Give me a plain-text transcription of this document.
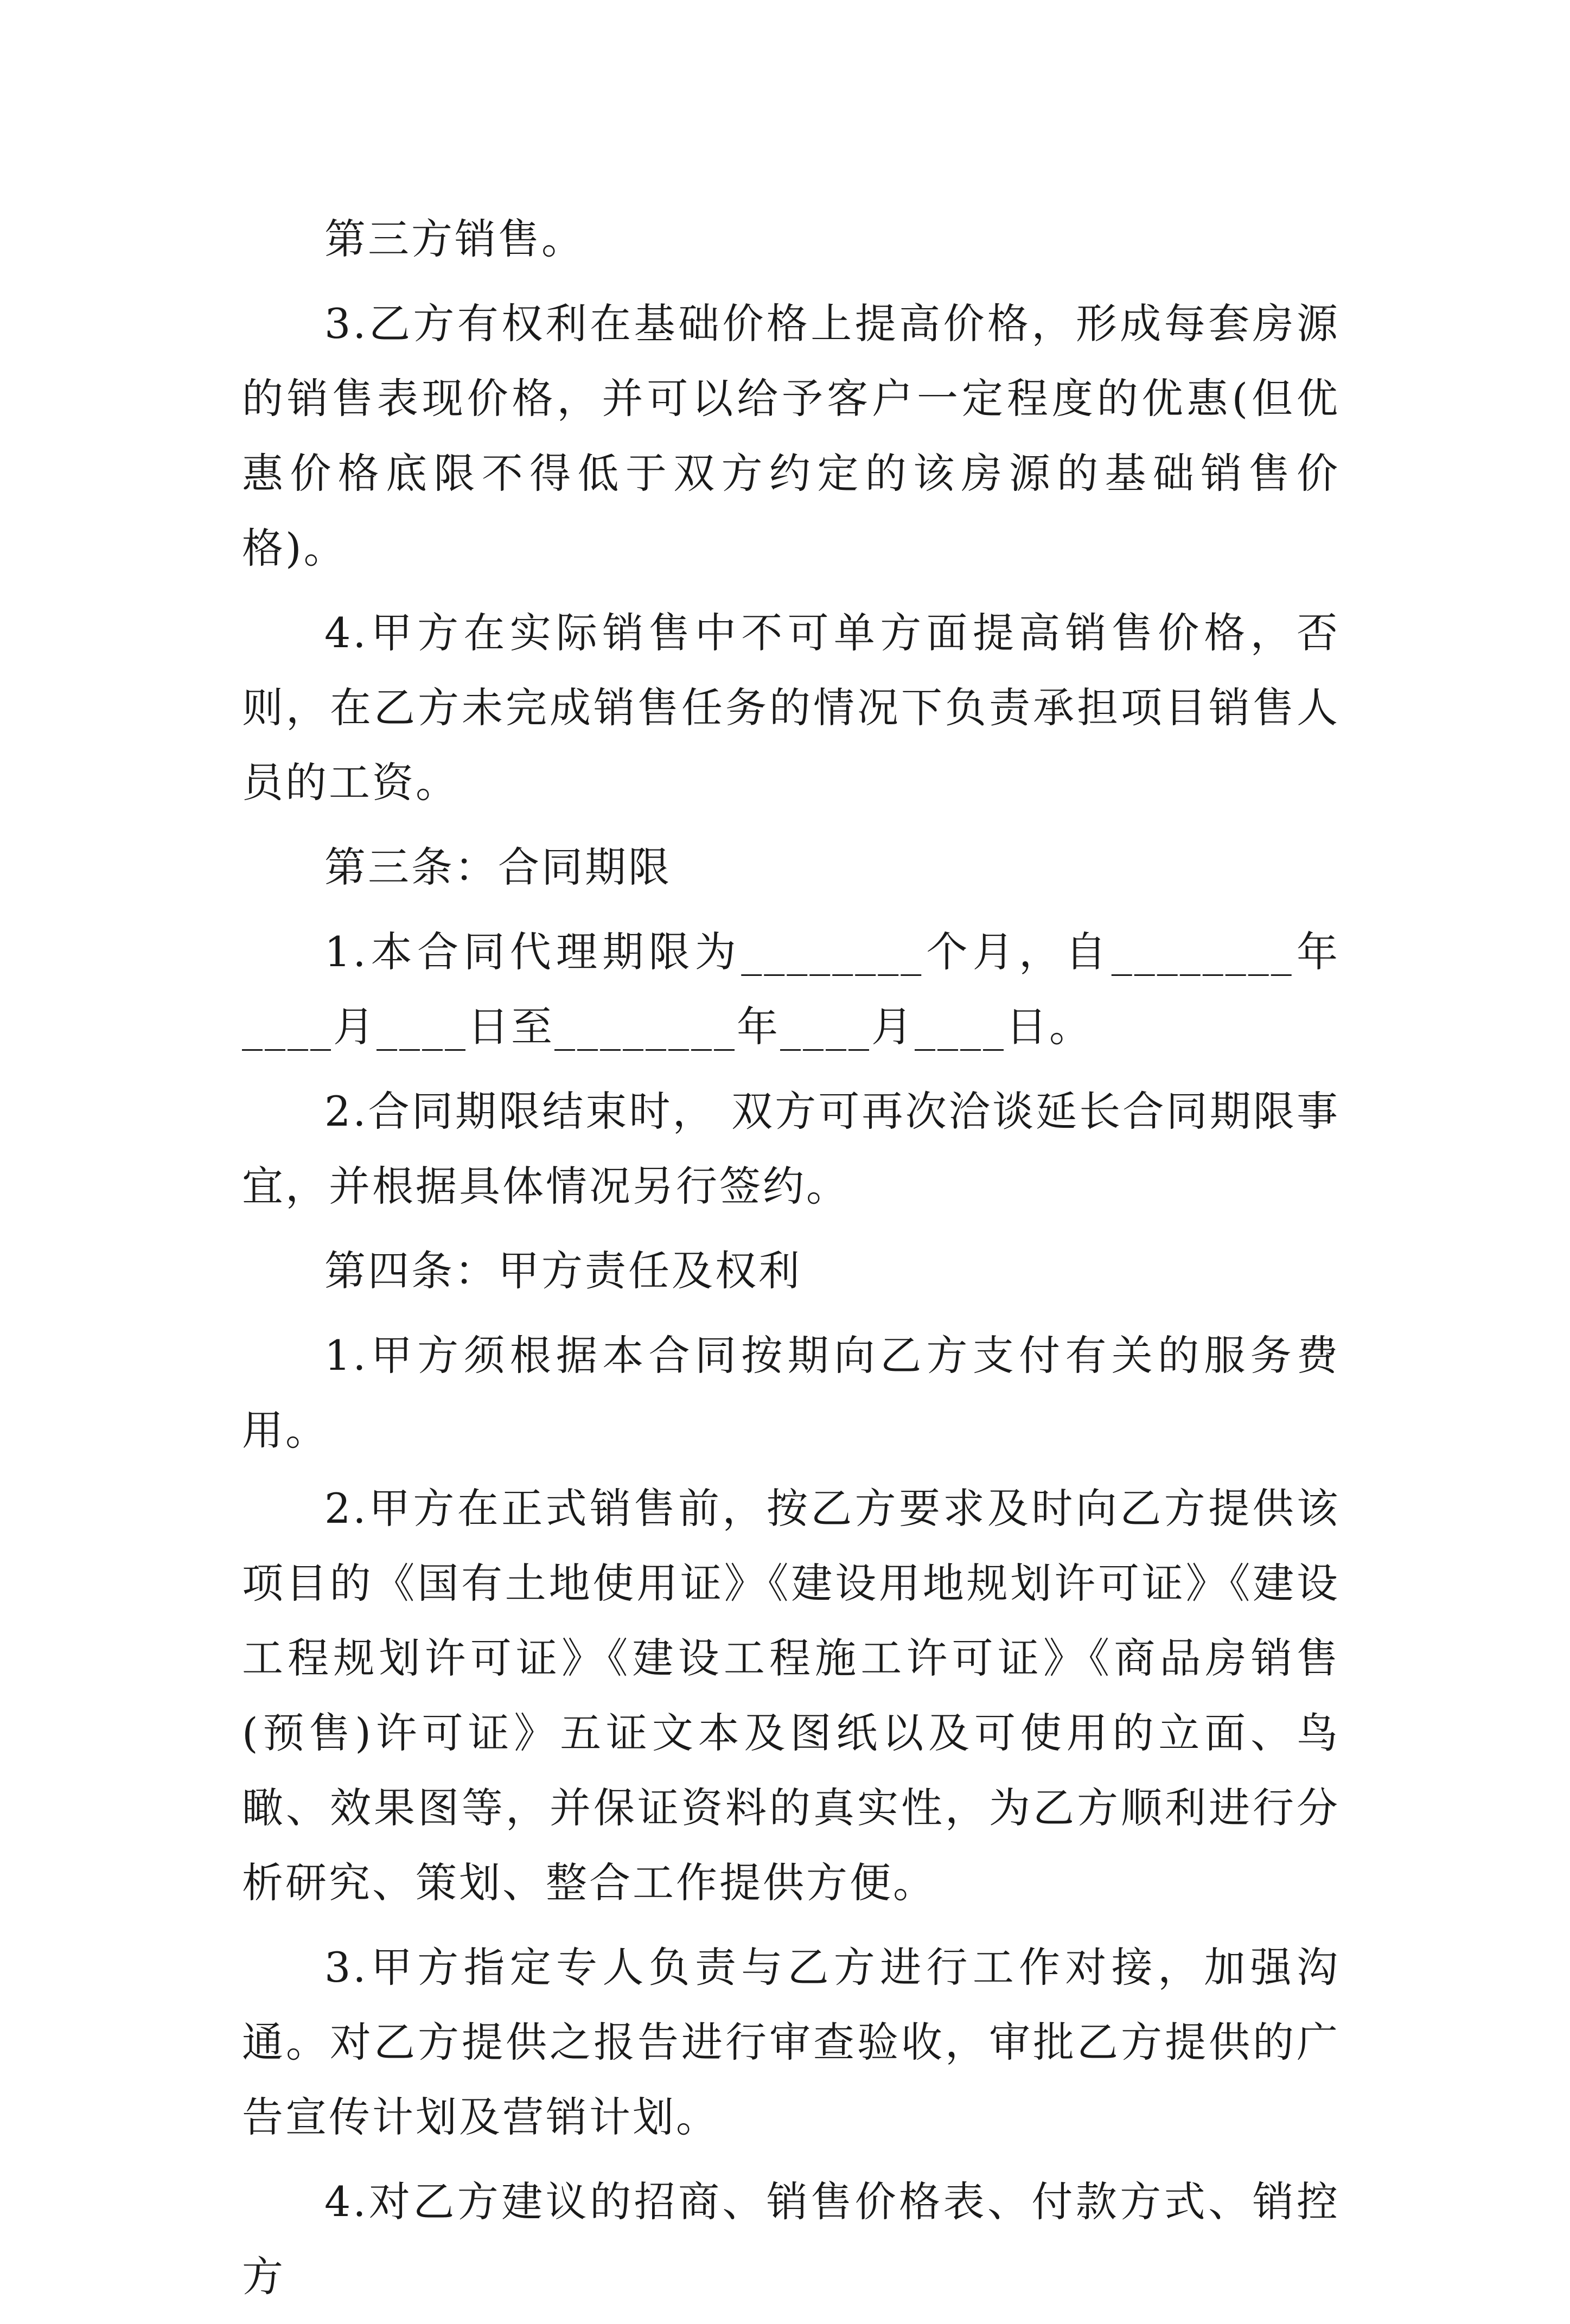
第三方销售。

3.乙方有权利在基础价格上提高价格，形成每套房源的销售表现价格，并可以给予客户一定程度的优惠(但优惠价格底限不得低于双方约定的该房源的基础销售价格)。

4.甲方在实际销售中不可单方面提高销售价格，否则，在乙方未完成销售任务的情况下负责承担项目销售人员的工资。

第三条：合同期限

1.本合同代理期限为________个月，自________年____月____日至________年____月____日。

2.合同期限结束时， 双方可再次洽谈延长合同期限事宜，并根据具体情况另行签约。

第四条：甲方责任及权利

1.甲方须根据本合同按期向乙方支付有关的服务费用。

2.甲方在正式销售前，按乙方要求及时向乙方提供该项目的《国有土地使用证》《建设用地规划许可证》《建设工程规划许可证》《建设工程施工许可证》《商品房销售(预售)许可证》五证文本及图纸以及可使用的立面、鸟瞰、效果图等，并保证资料的真实性，为乙方顺利进行分析研究、策划、整合工作提供方便。

3.甲方指定专人负责与乙方进行工作对接，加强沟通。对乙方提供之报告进行审查验收，审批乙方提供的广告宣传计划及营销计划。

4.对乙方建议的招商、销售价格表、付款方式、销控方
